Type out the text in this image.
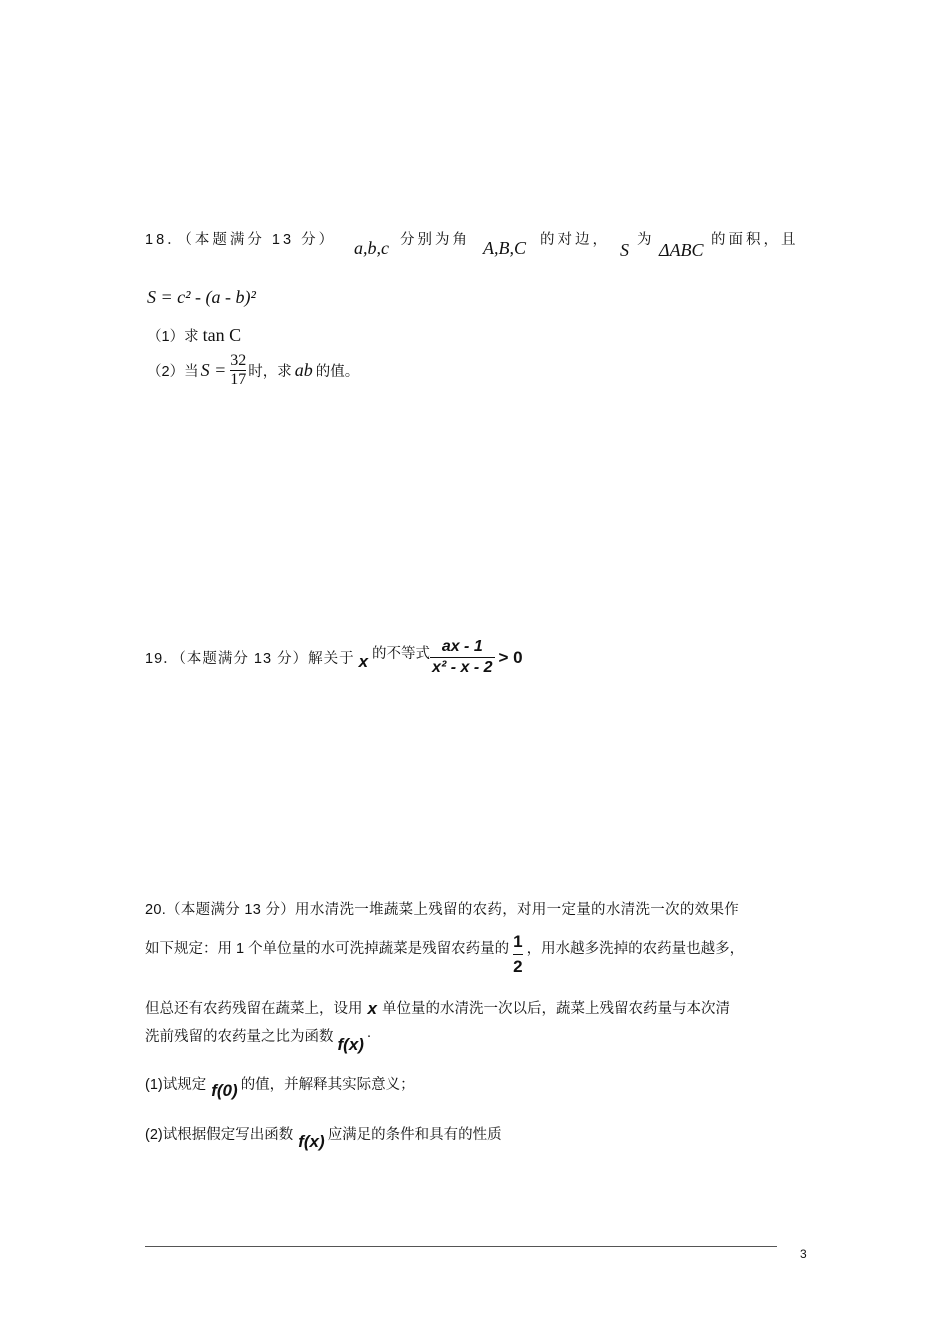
18．（本题满分 13 分） a,b,c 分别为角 A,B,C 的对边， S 为 ΔABC 的面积，且
S = c² - (a - b)²
（1）求 tan C
（2）当 $S = \frac{32}{17}$ 时，求 ab 的值。
19．（本题满分 13 分）解关于 x 的不等式 $\frac{ax - 1}{\text{x² - x - 2}} > 0$
20.（本题满分 13 分）用水清洗一堆蔬菜上残留的农药，对用一定量的水清洗一次的效果作
如下规定：用 1 个单位量的水可洗掉蔬菜是残留农药量的 $\frac{1}{2}$ ，用水越多洗掉的农药量也越多，
但总还有农药残留在蔬菜上，设用 x 单位量的水清洗一次以后，蔬菜上残留农药量与本次清
洗前残留的农药量之比为函数 f(x)
.
(1)试规定 f(0) 的值，并解释其实际意义；
(2)试根据假定写出函数 f(x) 应满足的条件和具有的性质
3
